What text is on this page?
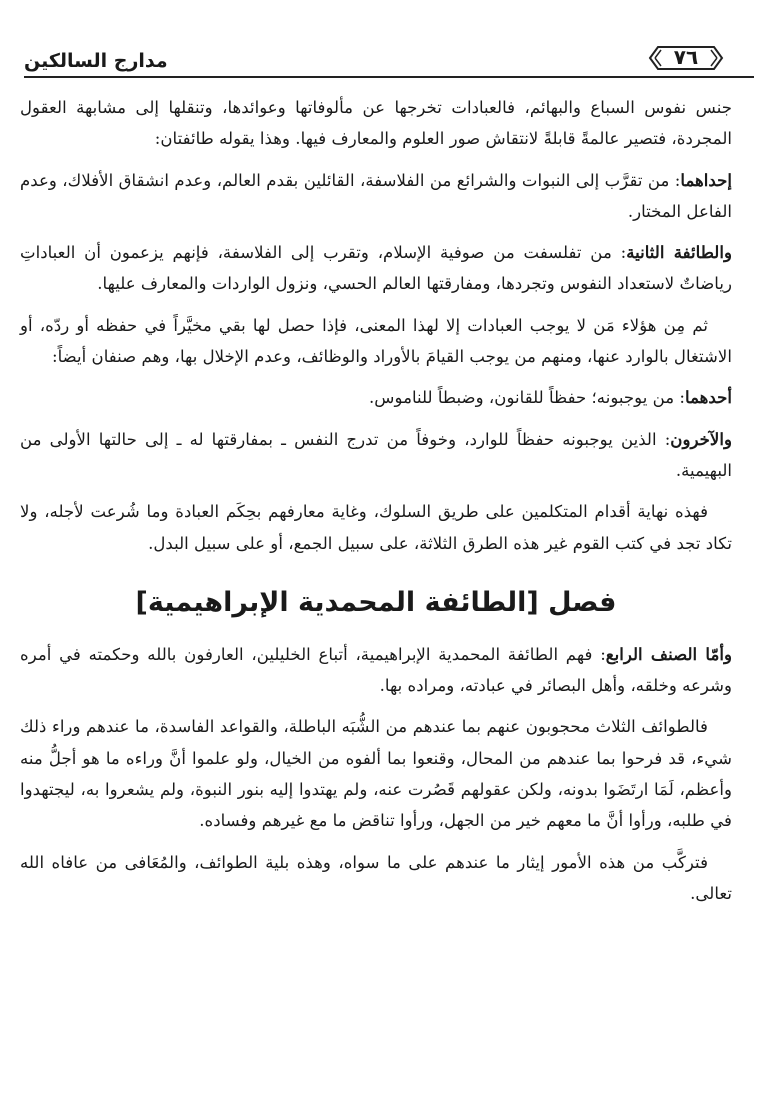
مدارج السالكين	٧٦

جنس نفوس السباع والبهائم، فالعبادات تخرجها عن مألوفاتها وعوائدها، وتنقلها إلى مشابهة العقول المجردة، فتصير عالمةً قابلةً لانتقاش صور العلوم والمعارف فيها. وهذا يقوله طائفتان:

إحداهما: من تقرَّب إلى النبوات والشرائع من الفلاسفة، القائلين بقدم العالم، وعدم انشقاق الأفلاك، وعدم الفاعل المختار.

والطائفة الثانية: من تفلسفت من صوفية الإسلام، وتقرب إلى الفلاسفة، فإنهم يزعمون أن العباداتِ رياضاتٌ لاستعداد النفوس وتجردها، ومفارقتها العالم الحسي، ونزول الواردات والمعارف عليها.

ثم مِن هؤلاء مَن لا يوجب العبادات إلا لهذا المعنى، فإذا حصل لها بقي مخيَّراً في حفظه أو ردّه، أو الاشتغال بالوارد عنها، ومنهم من يوجب القيامَ بالأوراد والوظائف، وعدم الإخلال بها، وهم صنفان أيضاً:

أحدهما: من يوجبونه؛ حفظاً للقانون، وضبطاً للناموس.

والآخرون: الذين يوجبونه حفظاً للوارد، وخوفاً من تدرج النفس ـ بمفارقتها له ـ إلى حالتها الأولى من البهيمية.

فهذه نهاية أقدام المتكلمين على طريق السلوك، وغاية معارفهم بحِكَم العبادة وما شُرعت لأجله، ولا تكاد تجد في كتب القوم غير هذه الطرق الثلاثة، على سبيل الجمع، أو على سبيل البدل.

فصل [الطائفة المحمدية الإبراهيمية]

وأمّا الصنف الرابع: فهم الطائفة المحمدية الإبراهيمية، أتباع الخليلين، العارفون بالله وحكمته في أمره وشرعه وخلقه، وأهل البصائر في عبادته، ومراده بها.

فالطوائف الثلاث محجوبون عنهم بما عندهم من الشُّبَه الباطلة، والقواعد الفاسدة، ما عندهم وراء ذلك شيء، قد فرحوا بما عندهم من المحال، وقنعوا بما ألفوه من الخيال، ولو علموا أنَّ وراءه ما هو أجلُّ منه وأعظم، لَمَا ارتَضَوا بدونه، ولكن عقولهم قَصُرت عنه، ولم يهتدوا إليه بنور النبوة، ولم يشعروا به، ليجتهدوا في طلبه، ورأوا أنَّ ما معهم خير من الجهل، ورأوا تناقض ما مع غيرهم وفساده.

فتركَّب من هذه الأمور إيثار ما عندهم على ما سواه، وهذه بلية الطوائف، والمُعَافى من عافاه الله تعالى.
